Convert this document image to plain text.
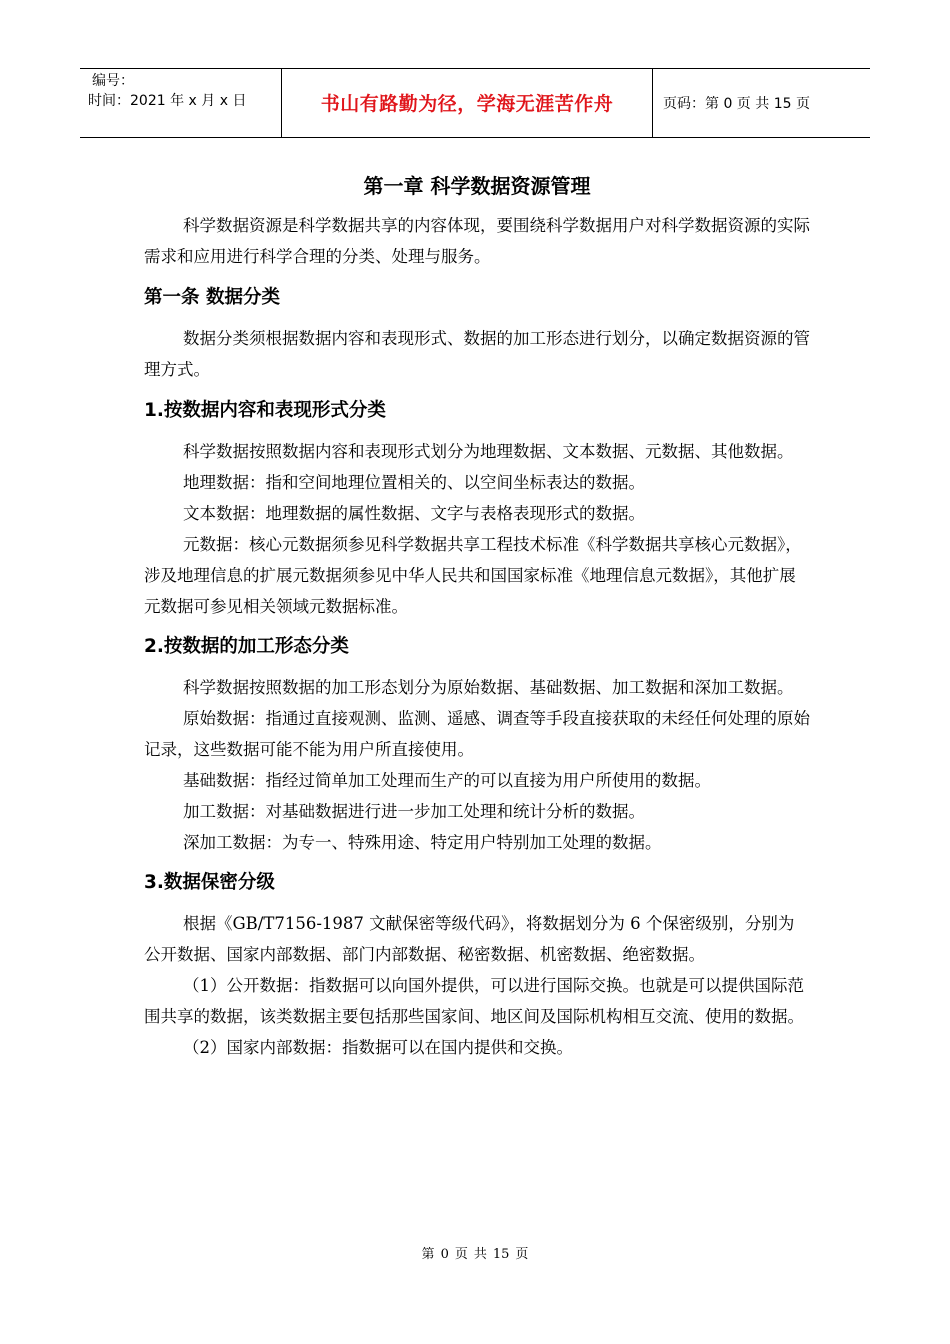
编号：
时间：2021 年 x 月 x 日	书山有路勤为径，学海无涯苦作舟	页码：第 0 页 共 15 页
第一章 科学数据资源管理

科学数据资源是科学数据共享的内容体现，要围绕科学数据用户对科学数据资源的实际需求和应用进行科学合理的分类、处理与服务。

第一条 数据分类

数据分类须根据数据内容和表现形式、数据的加工形态进行划分，以确定数据资源的管理方式。

1.按数据内容和表现形式分类

科学数据按照数据内容和表现形式划分为地理数据、文本数据、元数据、其他数据。

地理数据：指和空间地理位置相关的、以空间坐标表达的数据。

文本数据：地理数据的属性数据、文字与表格表现形式的数据。

元数据：核心元数据须参见科学数据共享工程技术标准《科学数据共享核心元数据》，涉及地理信息的扩展元数据须参见中华人民共和国国家标准《地理信息元数据》，其他扩展元数据可参见相关领域元数据标准。

2.按数据的加工形态分类

科学数据按照数据的加工形态划分为原始数据、基础数据、加工数据和深加工数据。

原始数据：指通过直接观测、监测、遥感、调查等手段直接获取的未经任何处理的原始记录，这些数据可能不能为用户所直接使用。

基础数据：指经过简单加工处理而生产的可以直接为用户所使用的数据。

加工数据：对基础数据进行进一步加工处理和统计分析的数据。

深加工数据：为专一、特殊用途、特定用户特别加工处理的数据。

3.数据保密分级

根据《GB/T7156-1987 文献保密等级代码》，将数据划分为 6 个保密级别，分别为公开数据、国家内部数据、部门内部数据、秘密数据、机密数据、绝密数据。

（1）公开数据：指数据可以向国外提供，可以进行国际交换。也就是可以提供国际范围共享的数据，该类数据主要包括那些国家间、地区间及国际机构相互交流、使用的数据。

（2）国家内部数据：指数据可以在国内提供和交换。

第 0 页 共 15 页
